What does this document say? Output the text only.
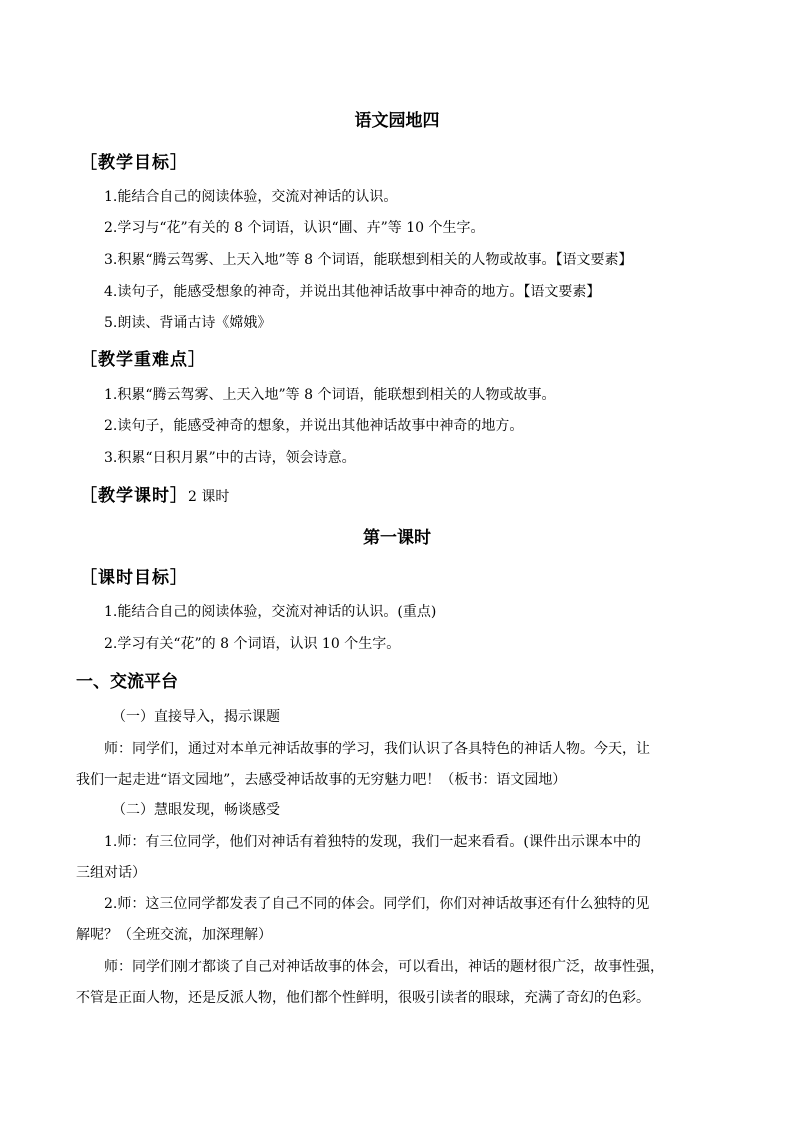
语文园地四
［教学目标］
1.能结合自己的阅读体验，交流对神话的认识。
2.学习与“花”有关的 8 个词语，认识“圃、卉”等 10 个生字。
3.积累“腾云驾雾、上天入地”等 8 个词语，能联想到相关的人物或故事。【语文要素】
4.读句子，能感受想象的神奇，并说出其他神话故事中神奇的地方。【语文要素】
5.朗读、背诵古诗《嫦娥》
［教学重难点］
1.积累“腾云驾雾、上天入地”等 8 个词语，能联想到相关的人物或故事。
2.读句子，能感受神奇的想象，并说出其他神话故事中神奇的地方。
3.积累“日积月累”中的古诗，领会诗意。
［教学课时］2 课时
第一课时
［课时目标］
1.能结合自己的阅读体验，交流对神话的认识。(重点)
2.学习有关“花”的 8 个词语，认识 10 个生字。
一、交流平台
（一）直接导入，揭示课题
师：同学们，通过对本单元神话故事的学习，我们认识了各具特色的神话人物。今天，让
我们一起走进“语文园地”，去感受神话故事的无穷魅力吧！（板书：语文园地）
（二）慧眼发现，畅谈感受
1.师：有三位同学，他们对神话有着独特的发现，我们一起来看看。(课件出示课本中的
三组对话）
2.师：这三位同学都发表了自己不同的体会。同学们，你们对神话故事还有什么独特的见
解呢？（全班交流，加深理解）
师：同学们刚才都谈了自己对神话故事的体会，可以看出，神话的题材很广泛，故事性强，
不管是正面人物，还是反派人物，他们都个性鲜明，很吸引读者的眼球，充满了奇幻的色彩。
